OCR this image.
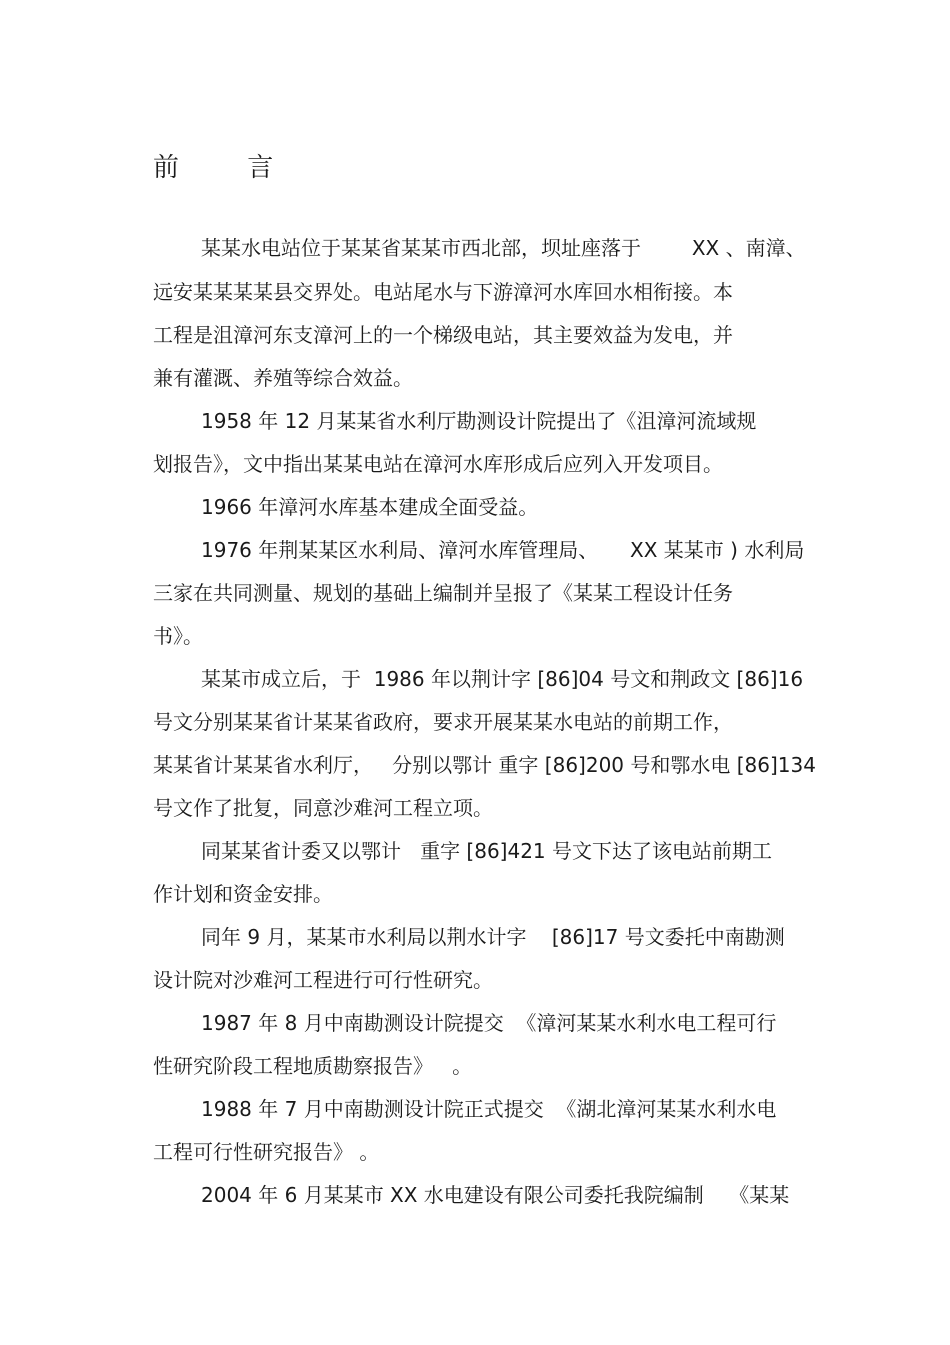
前 言
某某水电站位于某某省某某市西北部，坝址座落于        XX 、南漳、
远安某某某某县交界处。电站尾水与下游漳河水库回水相衔接。本
工程是沮漳河东支漳河上的一个梯级电站，其主要效益为发电，并
兼有灌溉、养殖等综合效益。
1958 年 12 月某某省水利厅勘测设计院提出了《沮漳河流域规
划报告》，文中指出某某电站在漳河水库形成后应列入开发项目。
1966 年漳河水库基本建成全面受益。
1976 年荆某某区水利局、漳河水库管理局、     XX 某某市 ) 水利局
三家在共同测量、规划的基础上编制并呈报了《某某工程设计任务
书》。
某某市成立后，于  1986 年以荆计字 [86]04 号文和荆政文 [86]16
号文分别某某省计某某省政府，要求开展某某水电站的前期工作，
某某省计某某省水利厅，   分别以鄂计 重字 [86]200 号和鄂水电 [86]134
号文作了批复，同意沙难河工程立项。
同某某省计委又以鄂计   重字 [86]421 号文下达了该电站前期工
作计划和资金安排。
同年 9 月，某某市水利局以荆水计字    [86]17 号文委托中南勘测
设计院对沙难河工程进行可行性研究。
1987 年 8 月中南勘测设计院提交  《漳河某某水利水电工程可行
性研究阶段工程地质勘察报告》   。
1988 年 7 月中南勘测设计院正式提交  《湖北漳河某某水利水电
工程可行性研究报告》 。
2004 年 6 月某某市 XX 水电建设有限公司委托我院编制    《某某
